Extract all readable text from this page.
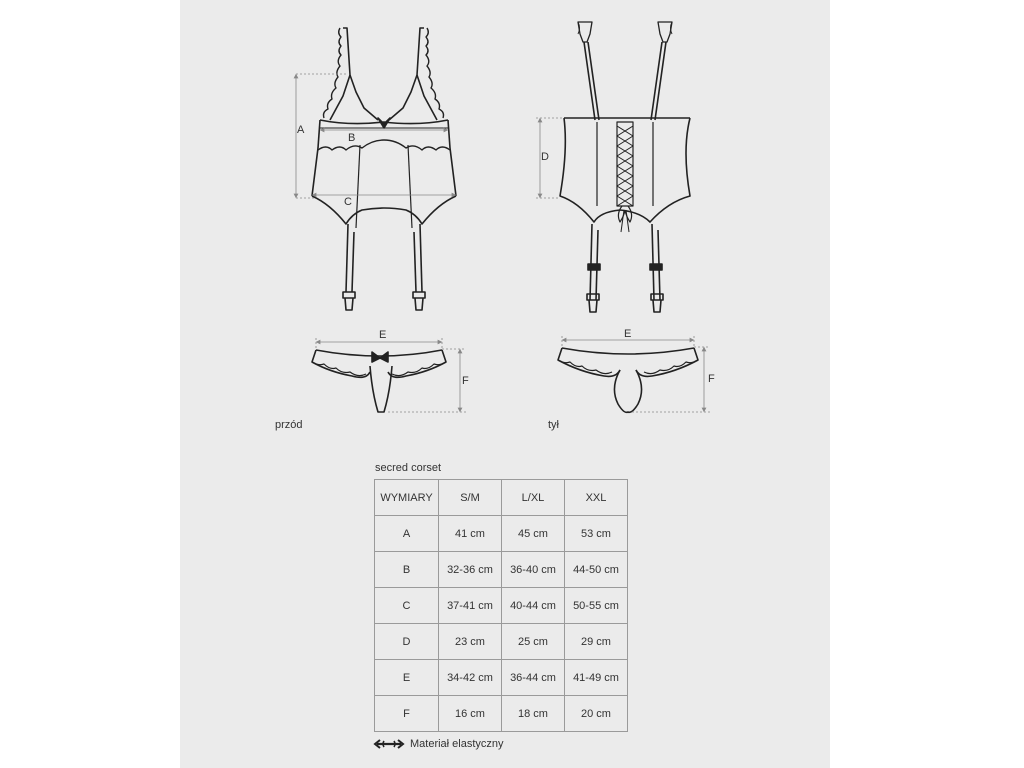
A
B
C
D
E
F
E
F
przód	tył
secred corset
WYMIARY	S/M	L/XL	XXL
A	41 cm	45 cm	53 cm
B	32-36 cm	36-40 cm	44-50 cm
C	37-41 cm	40-44 cm	50-55 cm
D	23 cm	25 cm	29 cm
E	34-42 cm	36-44 cm	41-49 cm
F	16 cm	18 cm	20 cm
Materiał elastyczny
